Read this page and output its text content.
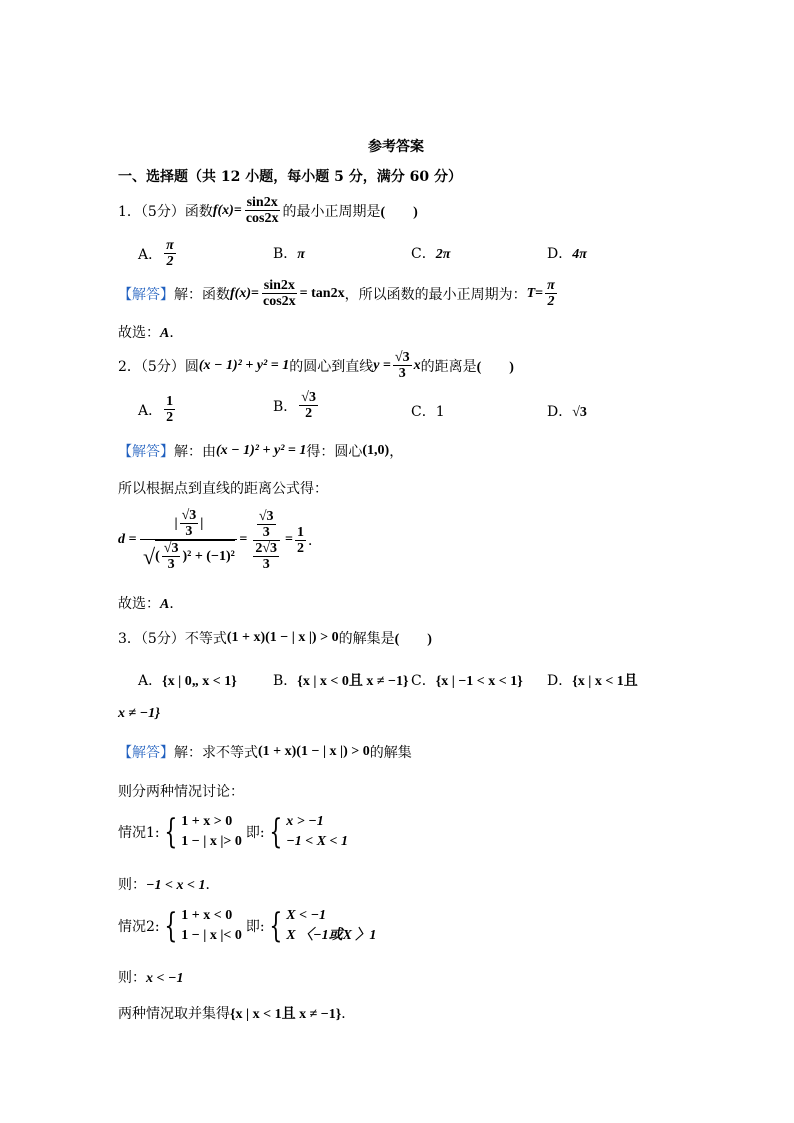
参考答案
一、选择题（共 12 小题，每小题 5 分，满分 60 分）
1．（5分）函数 $f(x) = \frac{\sin 2x}{\cos 2x}$ 的最小正周期是 (　　)
A． $\frac{\pi}{2}$	B．π	C．2π	D．4π
【解答】 解：函数 $f(x) = \frac{\sin 2x}{\cos 2x} = \tan 2x$ ，所以函数的最小正周期为： $T = \frac{\pi}{2}$
故选：A．
2．（5分）圆 (x − 1)² + y² = 1 的圆心到直线 $y = \frac{√3}{3}$ x 的距离是 (　　)
A． $\frac{1}{2}$	B． $\frac{√3}{2}$	C．1	D．√3
【解答】 解：由 (x − 1)² + y² = 1 得：圆心 (1,0) ，
所以根据点到直线的距离公式得：
d =
| $\frac{√3}{3}$ |
√ ( $\frac{√3}{3} )^2 + (-1)^2$
= $\frac{\frac{√3}{3}}{\frac{2√3}{3}} = \frac{1}{2}$ ．
故选：A．
3．（5分）不等式 (1 + x)(1 − | x |) > 0 的解集是 (　　)
A．{x | 0„ x < 1}	B．{x | x < 0且 x ≠ −1} C．{x | −1 < x < 1} D．{x | x < 1且
x ≠ −1}
【解答】 解：求不等式 (1 + x)(1 − | x |) > 0 的解集
则分两种情况讨论：
情况1: { 1 + x > 0
1 − | x |> 0
即: { x > −1
−1 < X < 1
则：−1 < x < 1．
情况2: { 1 + x < 0
1 − | x |< 0
即: { X < −1
X 〈−1或X 〉1
则：x < −1
两种情况取并集得{x | x < 1且 x ≠ −1}．
